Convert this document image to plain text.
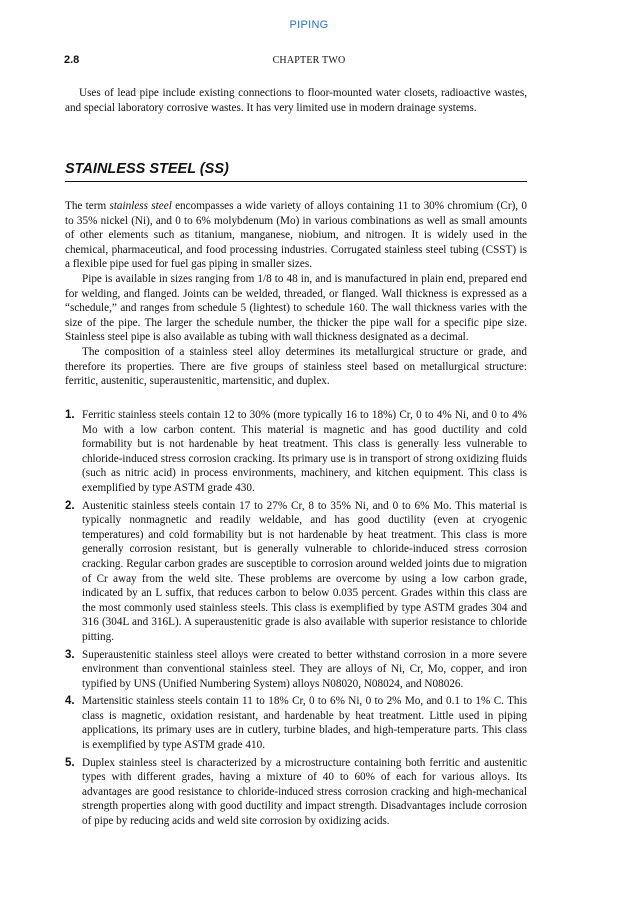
PIPING
2.8	CHAPTER TWO

Uses of lead pipe include existing connections to floor-mounted water closets, radioactive wastes, and special laboratory corrosive wastes. It has very limited use in modern drainage systems.

STAINLESS STEEL (SS)

The term stainless steel encompasses a wide variety of alloys containing 11 to 30% chromium (Cr), 0 to 35% nickel (Ni), and 0 to 6% molybdenum (Mo) in various combinations as well as small amounts of other elements such as titanium, manganese, niobium, and nitrogen. It is widely used in the chemical, pharmaceutical, and food processing industries. Corrugated stainless steel tubing (CSST) is a flexible pipe used for fuel gas piping in smaller sizes.

Pipe is available in sizes ranging from 1/8 to 48 in, and is manufactured in plain end, prepared end for welding, and flanged. Joints can be welded, threaded, or flanged. Wall thickness is expressed as a “schedule,” and ranges from schedule 5 (lightest) to schedule 160. The wall thickness varies with the size of the pipe. The larger the schedule number, the thicker the pipe wall for a specific pipe size. Stainless steel pipe is also available as tubing with wall thickness designated as a decimal.

The composition of a stainless steel alloy determines its metallurgical structure or grade, and therefore its properties. There are five groups of stainless steel based on metallurgical structure: ferritic, austenitic, superaustenitic, martensitic, and duplex.

1. Ferritic stainless steels contain 12 to 30% (more typically 16 to 18%) Cr, 0 to 4% Ni, and 0 to 4% Mo with a low carbon content. This material is magnetic and has good ductility and cold formability but is not hardenable by heat treatment. This class is generally less vulnerable to chloride-induced stress corrosion cracking. Its primary use is in transport of strong oxidizing fluids (such as nitric acid) in process environments, machinery, and kitchen equipment. This class is exemplified by type ASTM grade 430.
2. Austenitic stainless steels contain 17 to 27% Cr, 8 to 35% Ni, and 0 to 6% Mo. This material is typically nonmagnetic and readily weldable, and has good ductility (even at cryogenic temperatures) and cold formability but is not hardenable by heat treatment. This class is more generally corrosion resistant, but is generally vulnerable to chloride-induced stress corrosion cracking. Regular carbon grades are susceptible to corrosion around welded joints due to migration of Cr away from the weld site. These problems are overcome by using a low carbon grade, indicated by an L suffix, that reduces carbon to below 0.035 percent. Grades within this class are the most commonly used stainless steels. This class is exemplified by type ASTM grades 304 and 316 (304L and 316L). A superaustenitic grade is also available with superior resistance to chloride pitting.
3. Superaustenitic stainless steel alloys were created to better withstand corrosion in a more severe environment than conventional stainless steel. They are alloys of Ni, Cr, Mo, copper, and iron typified by UNS (Unified Numbering System) alloys N08020, N08024, and N08026.
4. Martensitic stainless steels contain 11 to 18% Cr, 0 to 6% Ni, 0 to 2% Mo, and 0.1 to 1% C. This class is magnetic, oxidation resistant, and hardenable by heat treatment. Little used in piping applications, its primary uses are in cutlery, turbine blades, and high-temperature parts. This class is exemplified by type ASTM grade 410.
5. Duplex stainless steel is characterized by a microstructure containing both ferritic and austenitic types with different grades, having a mixture of 40 to 60% of each for various alloys. Its advantages are good resistance to chloride-induced stress corrosion cracking and high-mechanical strength properties along with good ductility and impact strength. Disadvantages include corrosion of pipe by reducing acids and weld site corrosion by oxidizing acids.
